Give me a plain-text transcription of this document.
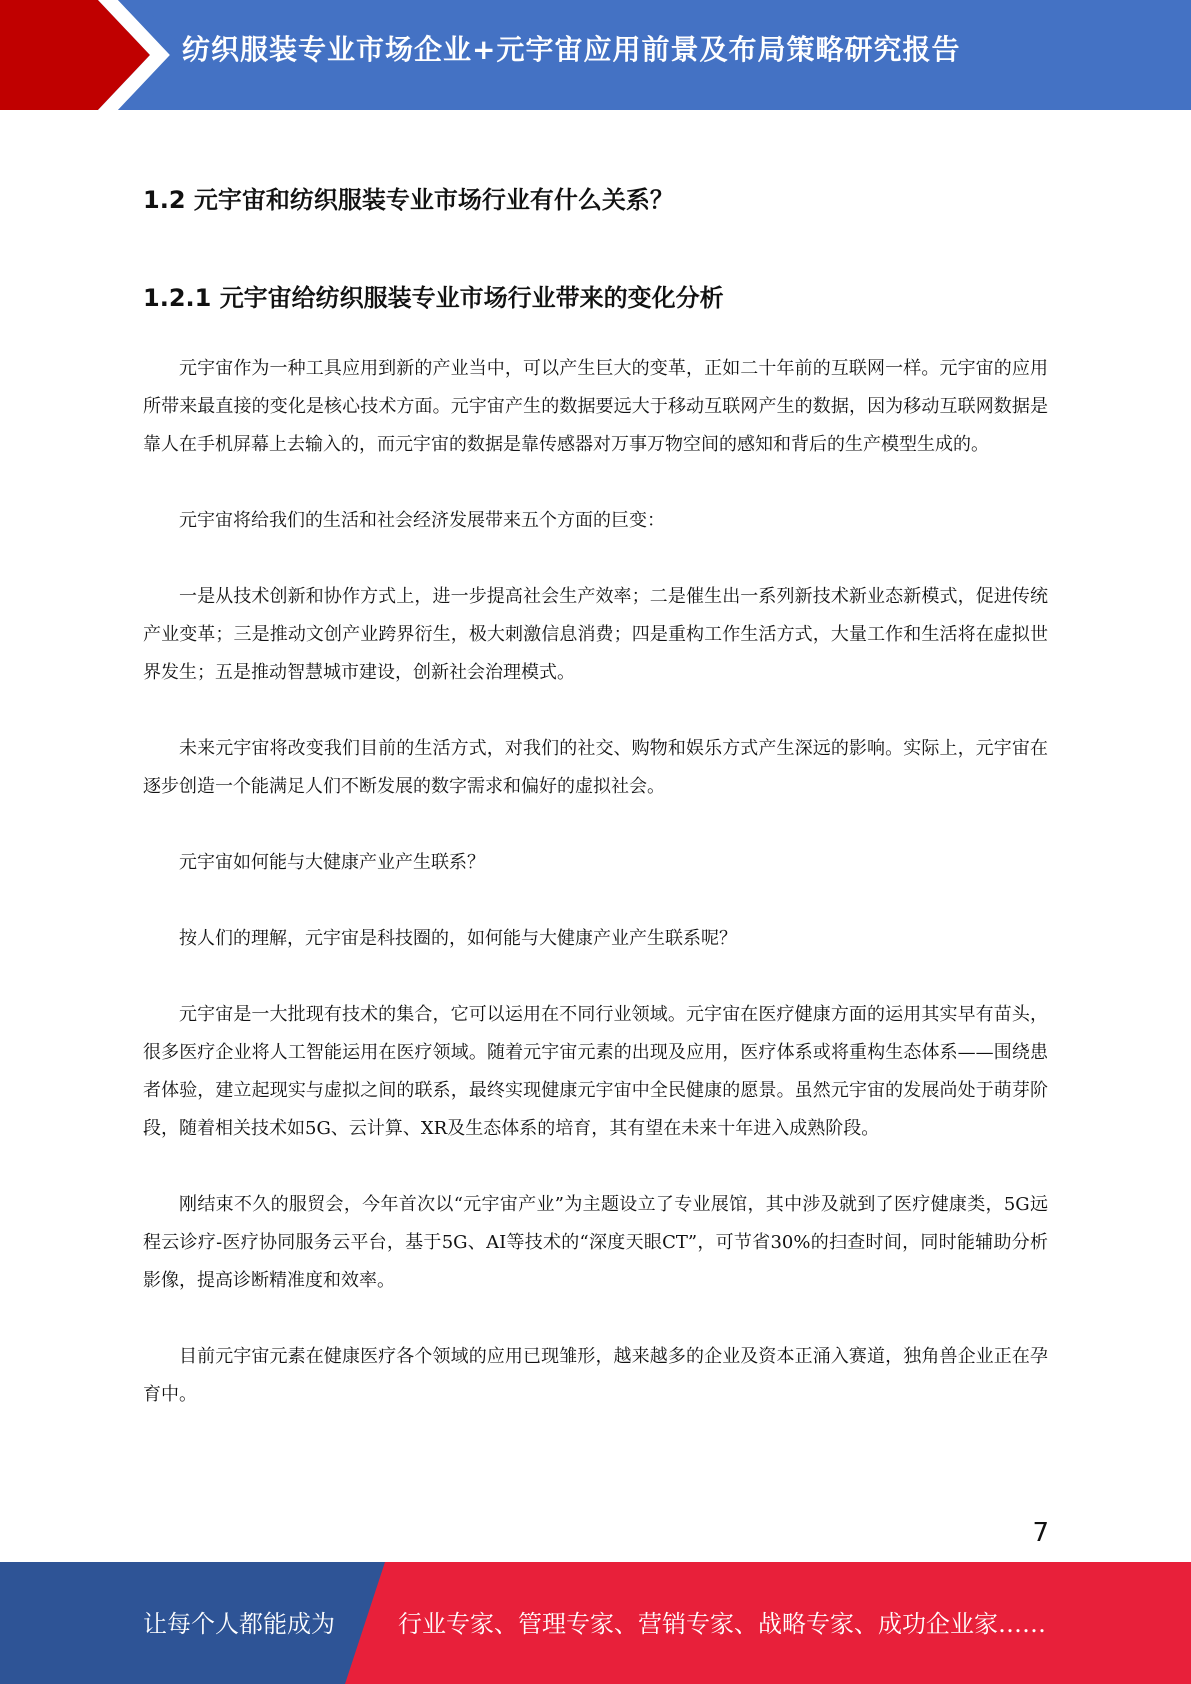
纺织服装专业市场企业+元宇宙应用前景及布局策略研究报告
1.2 元宇宙和纺织服装专业市场行业有什么关系？
1.2.1 元宇宙给纺织服装专业市场行业带来的变化分析

元宇宙作为一种工具应用到新的产业当中，可以产生巨大的变革，正如二十年前的互联网一样。元宇宙的应用所带来最直接的变化是核心技术方面。元宇宙产生的数据要远大于移动互联网产生的数据，因为移动互联网数据是靠人在手机屏幕上去输入的，而元宇宙的数据是靠传感器对万事万物空间的感知和背后的生产模型生成的。

元宇宙将给我们的生活和社会经济发展带来五个方面的巨变：

一是从技术创新和协作方式上，进一步提高社会生产效率；二是催生出一系列新技术新业态新模式，促进传统产业变革；三是推动文创产业跨界衍生，极大刺激信息消费；四是重构工作生活方式，大量工作和生活将在虚拟世界发生；五是推动智慧城市建设，创新社会治理模式。

未来元宇宙将改变我们目前的生活方式，对我们的社交、购物和娱乐方式产生深远的影响。实际上，元宇宙在逐步创造一个能满足人们不断发展的数字需求和偏好的虚拟社会。

元宇宙如何能与大健康产业产生联系？

按人们的理解，元宇宙是科技圈的，如何能与大健康产业产生联系呢？

元宇宙是一大批现有技术的集合，它可以运用在不同行业领域。元宇宙在医疗健康方面的运用其实早有苗头，很多医疗企业将人工智能运用在医疗领域。随着元宇宙元素的出现及应用，医疗体系或将重构生态体系——围绕患者体验，建立起现实与虚拟之间的联系，最终实现健康元宇宙中全民健康的愿景。虽然元宇宙的发展尚处于萌芽阶段，随着相关技术如5G、云计算、XR及生态体系的培育，其有望在未来十年进入成熟阶段。

刚结束不久的服贸会，今年首次以“元宇宙产业”为主题设立了专业展馆，其中涉及就到了医疗健康类，5G远程云诊疗-医疗协同服务云平台，基于5G、AI等技术的“深度天眼CT”，可节省30%的扫查时间，同时能辅助分析影像，提高诊断精准度和效率。

目前元宇宙元素在健康医疗各个领域的应用已现雏形，越来越多的企业及资本正涌入赛道，独角兽企业正在孕育中。

7
让每个人都能成为	行业专家、管理专家、营销专家、战略专家、成功企业家……
